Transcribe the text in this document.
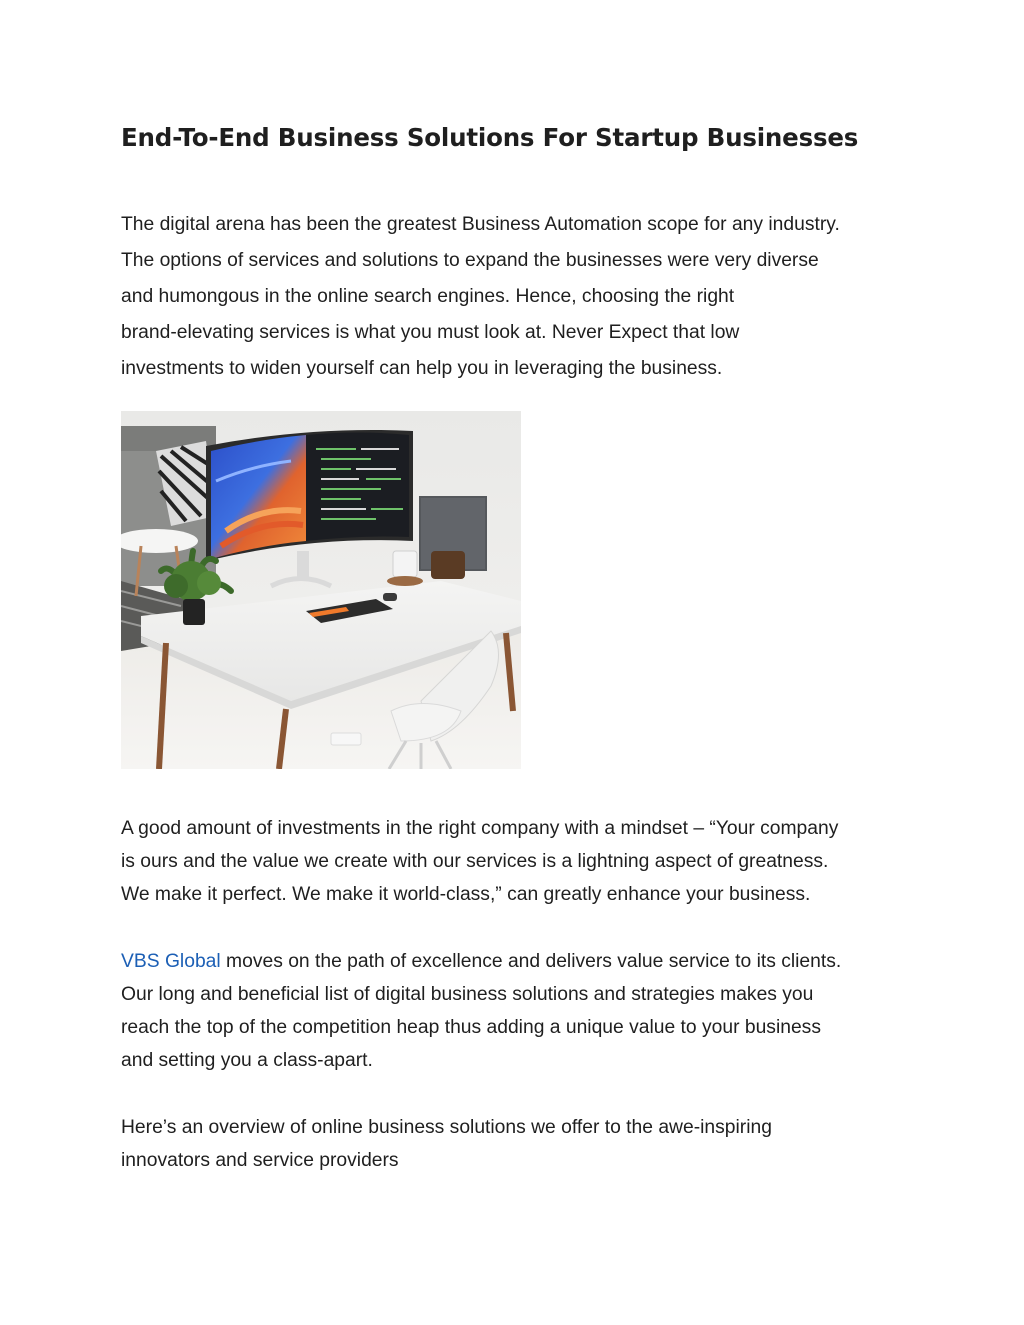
End-To-End Business Solutions For Startup Businesses

The digital arena has been the greatest Business Automation scope for any industry.
The options of services and solutions to expand the businesses were very diverse
and humongous in the online search engines. Hence, choosing the right
brand-elevating services is what you must look at. Never Expect that low
investments to widen yourself can help you in leveraging the business.

A good amount of investments in the right company with a mindset – “Your company
is ours and the value we create with our services is a lightning aspect of greatness.
We make it perfect. We make it world-class,” can greatly enhance your business.

VBS Global moves on the path of excellence and delivers value service to its clients.
Our long and beneficial list of digital business solutions and strategies makes you
reach the top of the competition heap thus adding a unique value to your business
and setting you a class-apart.

Here’s an overview of online business solutions we offer to the awe-inspiring
innovators and service providers
